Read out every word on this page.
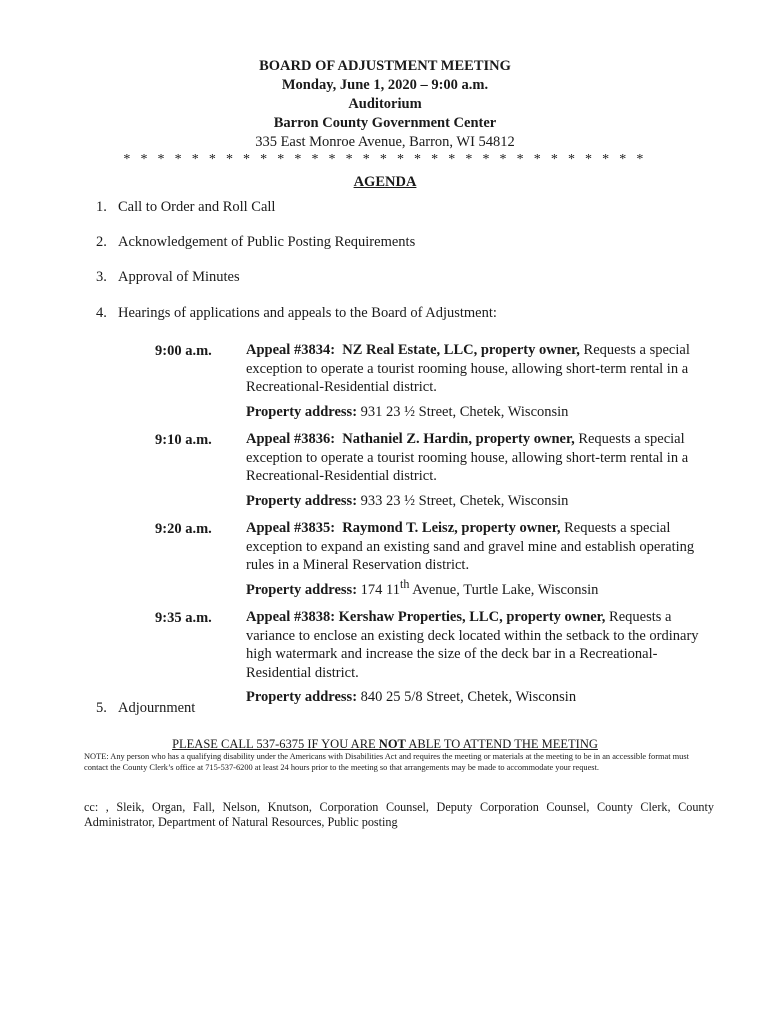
BOARD OF ADJUSTMENT MEETING
Monday, June 1, 2020 – 9:00 a.m.
Auditorium
Barron County Government Center
335 East Monroe Avenue, Barron, WI 54812
* * * * * * * * * * * * * * * * * * * * * * * * * * * * * * *
AGENDA
1. Call to Order and Roll Call
2. Acknowledgement of Public Posting Requirements
3. Approval of Minutes
4. Hearings of applications and appeals to the Board of Adjustment:
9:00 a.m. Appeal #3834: NZ Real Estate, LLC, property owner, Requests a special exception to operate a tourist rooming house, allowing short-term rental in a Recreational-Residential district.
Property address: 931 23 ½ Street, Chetek, Wisconsin
9:10 a.m. Appeal #3836: Nathaniel Z. Hardin, property owner, Requests a special exception to operate a tourist rooming house, allowing short-term rental in a Recreational-Residential district.
Property address: 933 23 ½ Street, Chetek, Wisconsin
9:20 a.m. Appeal #3835: Raymond T. Leisz, property owner, Requests a special exception to expand an existing sand and gravel mine and establish operating rules in a Mineral Reservation district.
Property address: 174 11th Avenue, Turtle Lake, Wisconsin
9:35 a.m. Appeal #3838: Kershaw Properties, LLC, property owner, Requests a variance to enclose an existing deck located within the setback to the ordinary high watermark and increase the size of the deck bar in a Recreational-Residential district.
Property address: 840 25 5/8 Street, Chetek, Wisconsin
5. Adjournment
PLEASE CALL 537-6375 IF YOU ARE NOT ABLE TO ATTEND THE MEETING
NOTE: Any person who has a qualifying disability under the Americans with Disabilities Act and requires the meeting or materials at the meeting to be in an accessible format must contact the County Clerk’s office at 715-537-6200 at least 24 hours prior to the meeting so that arrangements may be made to accommodate your request.
cc: , Sleik, Organ, Fall, Nelson, Knutson, Corporation Counsel, Deputy Corporation Counsel, County Clerk, County Administrator, Department of Natural Resources, Public posting
